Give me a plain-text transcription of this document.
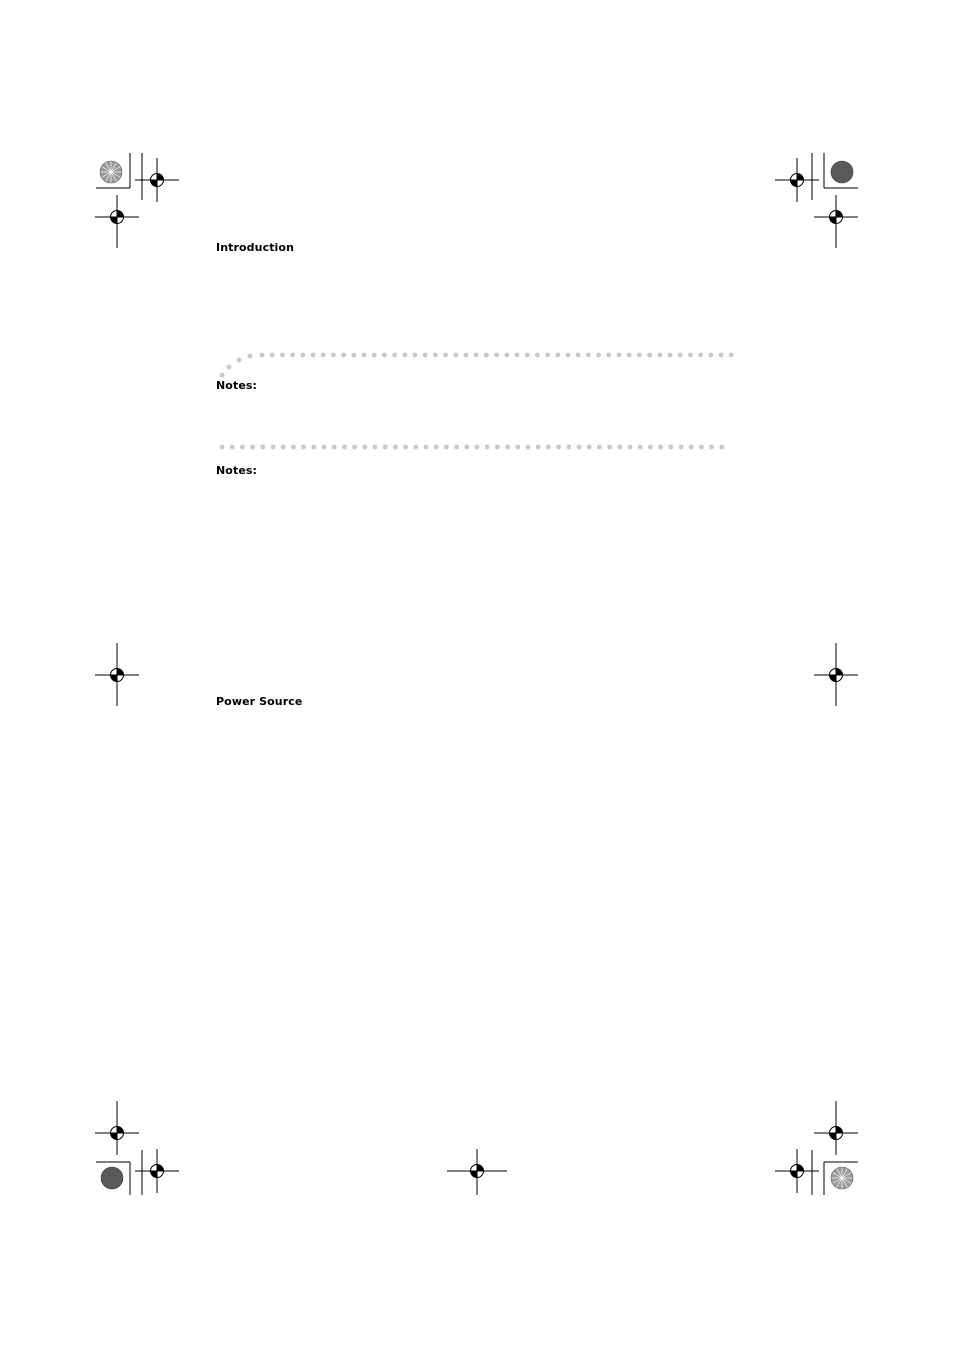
Introduction
Notes:
Notes:
Power Source
